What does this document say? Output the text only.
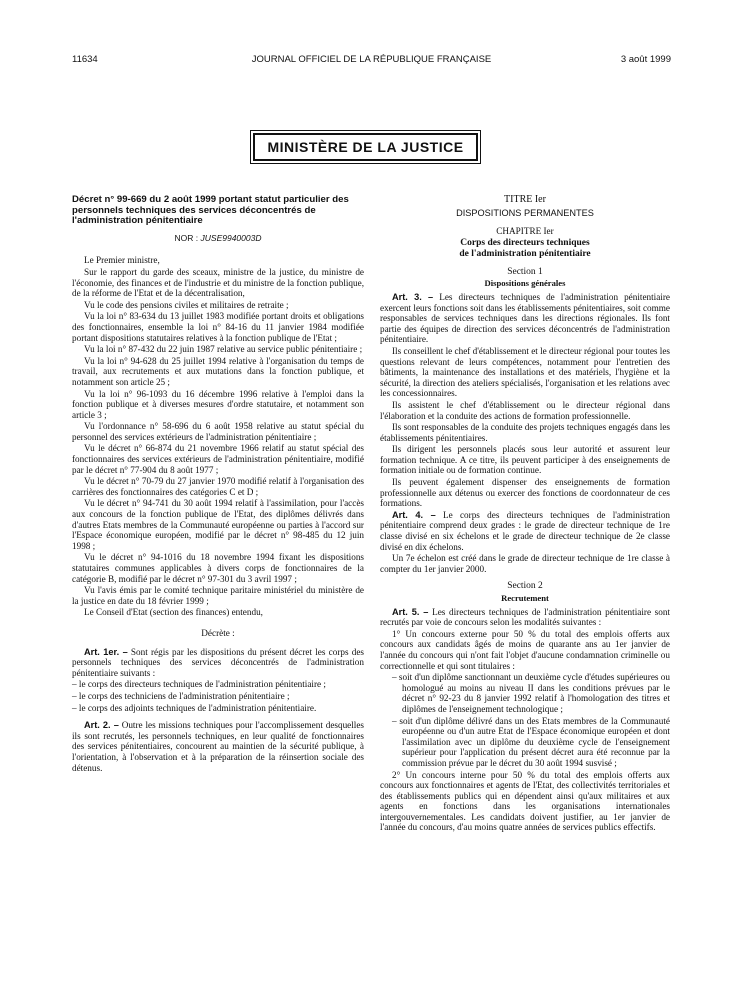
11634	JOURNAL OFFICIEL DE LA RÉPUBLIQUE FRANÇAISE	3 août 1999
MINISTÈRE DE LA JUSTICE

Décret n° 99-669 du 2 août 1999 portant statut particulier des personnels techniques des services déconcentrés de l'administration pénitentiaire

NOR : JUSE9940003D

Le Premier ministre,

Sur le rapport du garde des sceaux, ministre de la justice, du ministre de l'économie, des finances et de l'industrie et du ministre de la fonction publique, de la réforme de l'Etat et de la décentralisation,

Vu le code des pensions civiles et militaires de retraite ;

Vu la loi n° 83-634 du 13 juillet 1983 modifiée portant droits et obligations des fonctionnaires, ensemble la loi n° 84-16 du 11 janvier 1984 modifiée portant dispositions statutaires relatives à la fonction publique de l'Etat ;

Vu la loi n° 87-432 du 22 juin 1987 relative au service public pénitentiaire ;

Vu la loi n° 94-628 du 25 juillet 1994 relative à l'organisation du temps de travail, aux recrutements et aux mutations dans la fonction publique, et notamment son article 25 ;

Vu la loi n° 96-1093 du 16 décembre 1996 relative à l'emploi dans la fonction publique et à diverses mesures d'ordre statutaire, et notamment son article 3 ;

Vu l'ordonnance n° 58-696 du 6 août 1958 relative au statut spécial du personnel des services extérieurs de l'administration pénitentiaire ;

Vu le décret n° 66-874 du 21 novembre 1966 relatif au statut spécial des fonctionnaires des services extérieurs de l'administration pénitentiaire, modifié par le décret n° 77-904 du 8 août 1977 ;

Vu le décret n° 70-79 du 27 janvier 1970 modifié relatif à l'organisation des carrières des fonctionnaires des catégories C et D ;

Vu le décret n° 94-741 du 30 août 1994 relatif à l'assimilation, pour l'accès aux concours de la fonction publique de l'Etat, des diplômes délivrés dans d'autres Etats membres de la Communauté européenne ou parties à l'accord sur l'Espace économique européen, modifié par le décret n° 98-485 du 12 juin 1998 ;

Vu le décret n° 94-1016 du 18 novembre 1994 fixant les dispositions statutaires communes applicables à divers corps de fonctionnaires de la catégorie B, modifié par le décret n° 97-301 du 3 avril 1997 ;

Vu l'avis émis par le comité technique paritaire ministériel du ministère de la justice en date du 18 février 1999 ;

Le Conseil d'Etat (section des finances) entendu,

Décrète :

Art. 1er. – Sont régis par les dispositions du présent décret les corps des personnels techniques des services déconcentrés de l'administration pénitentiaire suivants :

– le corps des directeurs techniques de l'administration pénitentiaire ;

– le corps des techniciens de l'administration pénitentiaire ;

– le corps des adjoints techniques de l'administration pénitentiaire.

Art. 2. – Outre les missions techniques pour l'accomplissement desquelles ils sont recrutés, les personnels techniques, en leur qualité de fonctionnaires des services pénitentiaires, concourent au maintien de la sécurité publique, à l'orientation, à l'observation et à la préparation de la réinsertion sociale des détenus.

TITRE Ier

DISPOSITIONS PERMANENTES

CHAPITRE Ier

Corps des directeurs techniques
de l'administration pénitentiaire

Section 1

Dispositions générales

Art. 3. – Les directeurs techniques de l'administration pénitentiaire exercent leurs fonctions soit dans les établissements pénitentiaires, soit comme responsables de services techniques dans les directions régionales. Ils font partie des équipes de direction des services déconcentrés de l'administration pénitentiaire.

Ils conseillent le chef d'établissement et le directeur régional pour toutes les questions relevant de leurs compétences, notamment pour l'entretien des bâtiments, la maintenance des installations et des matériels, l'hygiène et la sécurité, la direction des ateliers spécialisés, l'organisation et les relations avec les concessionnaires.

Ils assistent le chef d'établissement ou le directeur régional dans l'élaboration et la conduite des actions de formation professionnelle.

Ils sont responsables de la conduite des projets techniques engagés dans les établissements pénitentiaires.

Ils dirigent les personnels placés sous leur autorité et assurent leur formation technique. A ce titre, ils peuvent participer à des enseignements de formation initiale ou de formation continue.

Ils peuvent également dispenser des enseignements de formation professionnelle aux détenus ou exercer des fonctions de coordonnateur de ces formations.

Art. 4. – Le corps des directeurs techniques de l'administration pénitentiaire comprend deux grades : le grade de directeur technique de 1re classe divisé en six échelons et le grade de directeur technique de 2e classe divisé en dix échelons.

Un 7e échelon est créé dans le grade de directeur technique de 1re classe à compter du 1er janvier 2000.

Section 2

Recrutement

Art. 5. – Les directeurs techniques de l'administration pénitentiaire sont recrutés par voie de concours selon les modalités suivantes :

1° Un concours externe pour 50 % du total des emplois offerts aux concours aux candidats âgés de moins de quarante ans au 1er janvier de l'année du concours qui n'ont fait l'objet d'aucune condamnation criminelle ou correctionnelle et qui sont titulaires :

– soit d'un diplôme sanctionnant un deuxième cycle d'études supérieures ou homologué au moins au niveau II dans les conditions prévues par le décret n° 92-23 du 8 janvier 1992 relatif à l'homologation des titres et diplômes de l'enseignement technologique ;

– soit d'un diplôme délivré dans un des Etats membres de la Communauté européenne ou d'un autre Etat de l'Espace économique européen et dont l'assimilation avec un diplôme du deuxième cycle de l'enseignement supérieur pour l'application du présent décret aura été reconnue par la commission prévue par le décret du 30 août 1994 susvisé ;

2° Un concours interne pour 50 % du total des emplois offerts aux concours aux fonctionnaires et agents de l'Etat, des collectivités territoriales et des établissements publics qui en dépendent ainsi qu'aux militaires et aux agents en fonctions dans les organisations internationales intergouvernementales. Les candidats doivent justifier, au 1er janvier de l'année du concours, d'au moins quatre années de services publics effectifs.
